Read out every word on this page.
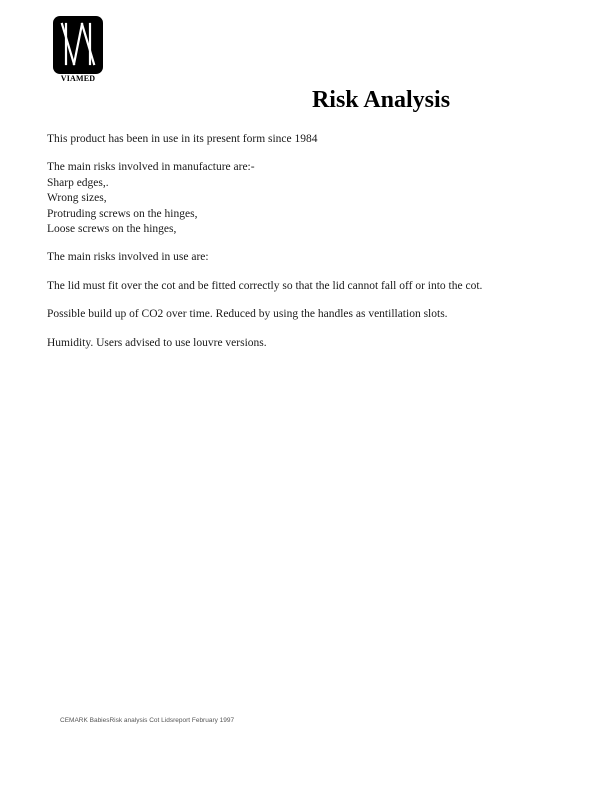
VIAMED
Risk Analysis

This product has been in use in its present form since 1984

The main risks involved in manufacture are:-
Sharp edges,.
Wrong sizes,
Protruding screws on the hinges,
Loose screws on the hinges,

The main risks involved in use are:

The lid must fit over the cot and be fitted correctly so that the lid cannot fall off or into the cot.

Possible build up of CO2 over time. Reduced by using the handles as ventillation slots.

Humidity. Users advised to use louvre versions.

CEMARK BabiesRisk analysis Cot Lidsreport February 1997
